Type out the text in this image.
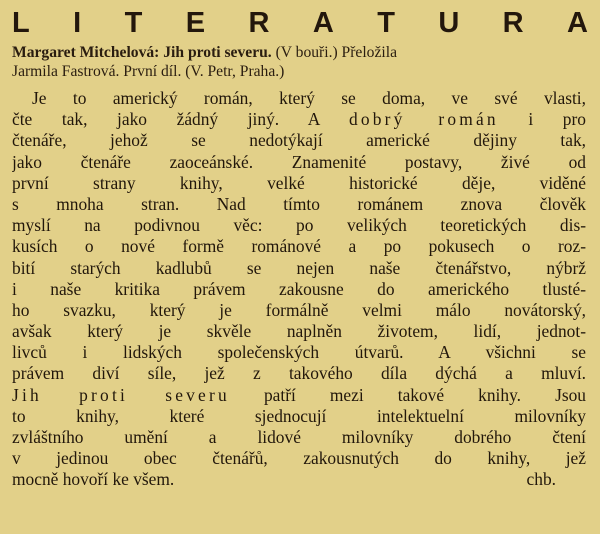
L I T E R A T U R A
Margaret Mitchelová: Jih proti severu. (V bouři.) Přeložila
Jarmila Fastrová. První díl. (V. Petr, Praha.)
Je to americký román, který se doma, ve své vlasti,
čte tak, jako žádný jiný. A dobrý román i pro
čtenáře, jehož se nedotýkají americké dějiny tak,
jako čtenáře zaoceánské. Znamenité postavy, živé od
první strany knihy, velké historické děje, viděné
s mnoha stran. Nad tímto románem znova člověk
myslí na podivnou věc: po velikých teoretických dis-
kusích o nové formě románové a po pokusech o roz-
bití starých kadlubů se nejen naše čtenářstvo, nýbrž
i naše kritika právem zakousne do amerického tlusté-
ho svazku, který je formálně velmi málo novátorský,
avšak který je skvěle naplněn životem, lidí, jednot-
livců i lidských společenských útvarů. A všichni se
právem diví síle, jež z takového díla dýchá a mluví.
Jih proti severu patří mezi takové knihy. Jsou
to knihy, které sjednocují intelektuelní milovníky
zvláštního umění a lidové milovníky dobrého čtení
v jedinou obec čtenářů, zakousnutých do knihy, jež
mocně hovoří ke všem.	chb.
